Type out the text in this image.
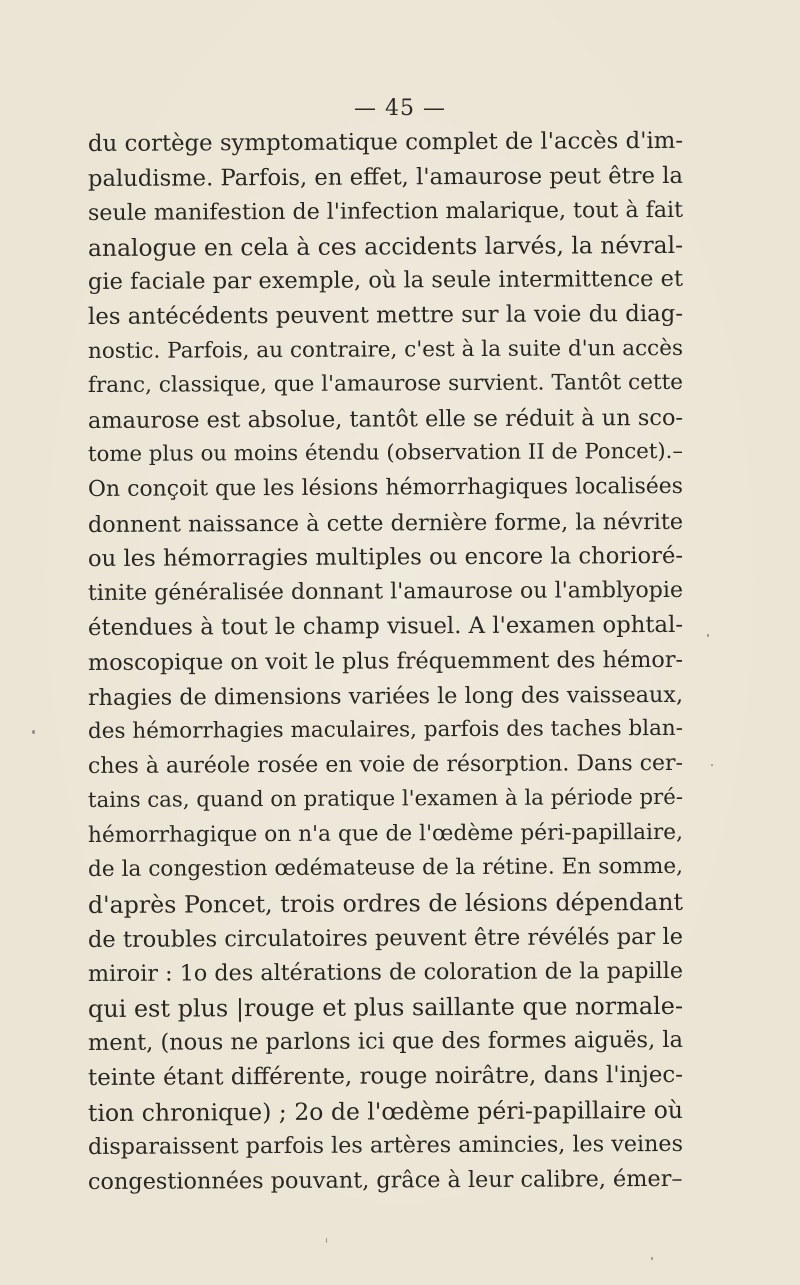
— 45 —
du cortège symptomatique complet de l'accès d'im-
paludisme. Parfois, en effet, l'amaurose peut être la
seule manifestion de l'infection malarique, tout à fait
analogue en cela à ces accidents larvés, la névral-
gie faciale par exemple, où la seule intermittence et
les antécédents peuvent mettre sur la voie du diag-
nostic. Parfois, au contraire, c'est à la suite d'un accès
franc, classique, que l'amaurose survient. Tantôt cette
amaurose est absolue, tantôt elle se réduit à un sco-
tome plus ou moins étendu (observation II de Poncet).–
On conçoit que les lésions hémorrhagiques localisées
donnent naissance à cette dernière forme, la névrite
ou les hémorragies multiples ou encore la chorioré-
tinite généralisée donnant l'amaurose ou l'amblyopie
étendues à tout le champ visuel. A l'examen ophtal-
moscopique on voit le plus fréquemment des hémor-
rhagies de dimensions variées le long des vaisseaux,
des hémorrhagies maculaires, parfois des taches blan-
ches à auréole rosée en voie de résorption. Dans cer-
tains cas, quand on pratique l'examen à la période pré-
hémorrhagique on n'a que de l'œdème péri-papillaire,
de la congestion œdémateuse de la rétine. En somme,
d'après Poncet, trois ordres de lésions dépendant
de troubles circulatoires peuvent être révélés par le
miroir : 1o des altérations de coloration de la papille
qui est plus |rouge et plus saillante que normale-
ment, (nous ne parlons ici que des formes aiguës, la
teinte étant différente, rouge noirâtre, dans l'injec-
tion chronique) ; 2o de l'œdème péri-papillaire où
disparaissent parfois les artères amincies, les veines
congestionnées pouvant, grâce à leur calibre, émer–
